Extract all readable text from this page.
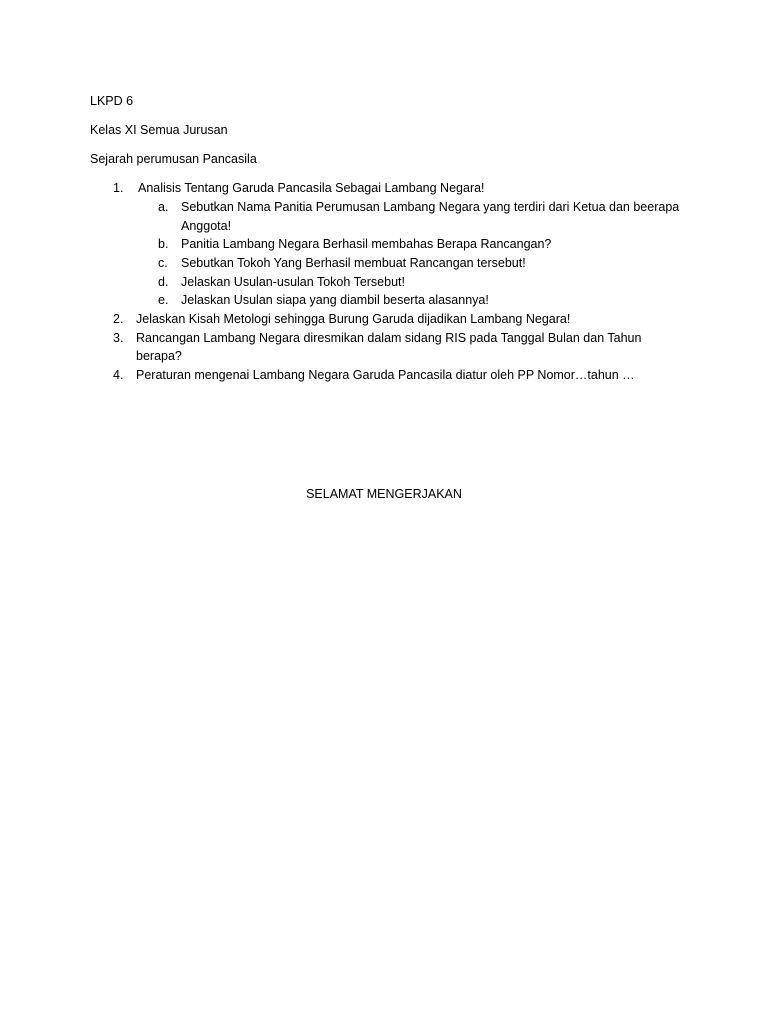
LKPD 6
Kelas XI Semua Jurusan
Sejarah perumusan Pancasila
1. Analisis Tentang Garuda Pancasila Sebagai Lambang Negara!
a. Sebutkan Nama Panitia Perumusan Lambang Negara yang terdiri dari Ketua dan beerapa
Anggota!
b. Panitia Lambang Negara Berhasil membahas Berapa Rancangan?
c. Sebutkan Tokoh Yang Berhasil membuat Rancangan tersebut!
d. Jelaskan Usulan-usulan Tokoh Tersebut!
e. Jelaskan Usulan siapa yang diambil beserta alasannya!
2. Jelaskan Kisah Metologi sehingga Burung Garuda dijadikan Lambang Negara!
3. Rancangan Lambang Negara diresmikan dalam sidang RIS pada Tanggal Bulan dan Tahun
berapa?
4. Peraturan mengenai Lambang Negara Garuda Pancasila diatur oleh PP Nomor…tahun …
SELAMAT MENGERJAKAN
